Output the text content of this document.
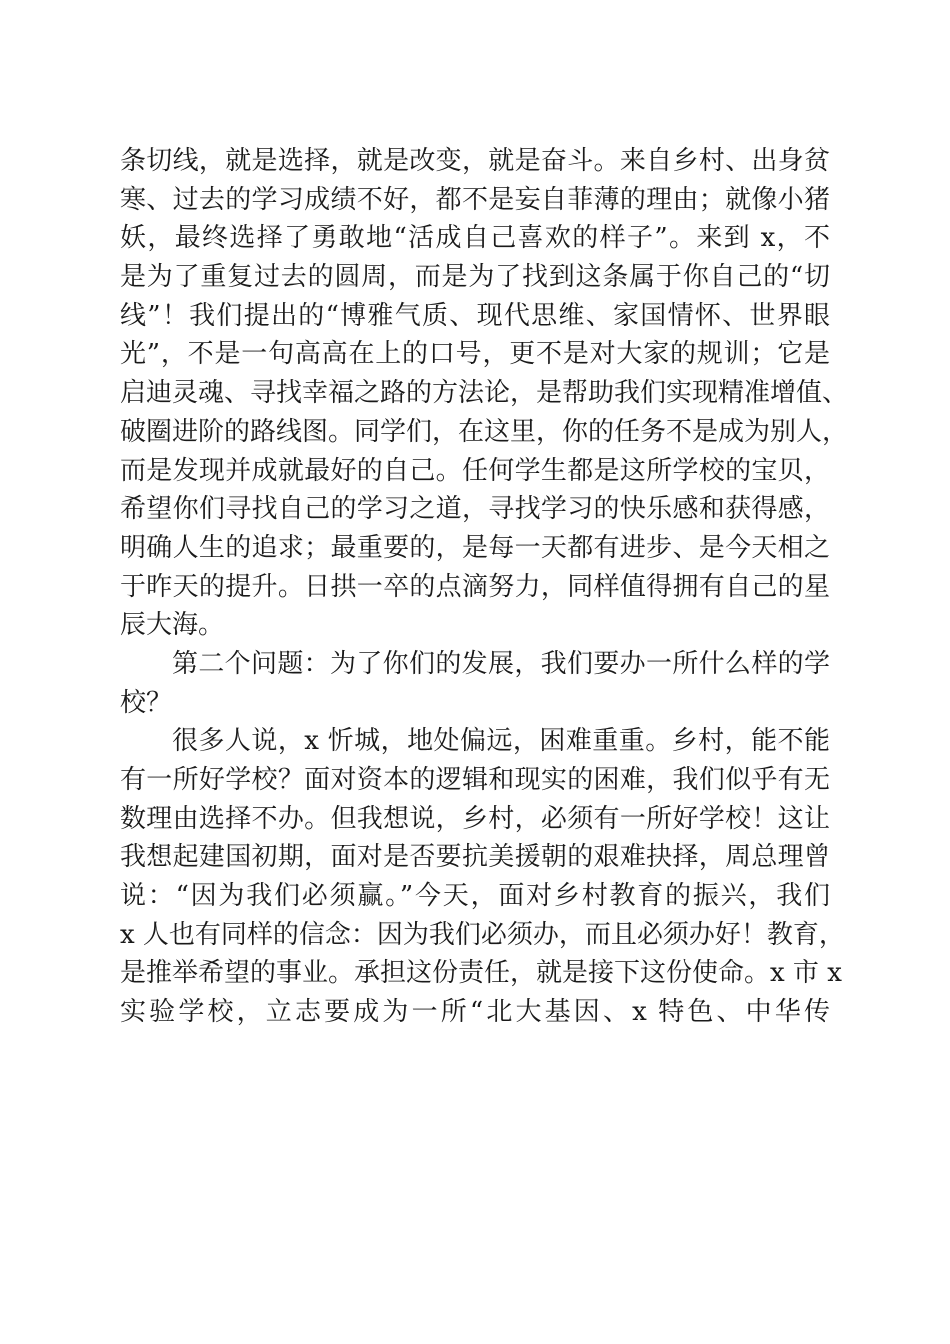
条切线，就是选择，就是改变，就是奋斗。来自乡村、出身贫
寒、过去的学习成绩不好，都不是妄自菲薄的理由；就像小猪
妖，最终选择了勇敢地“活成自己喜欢的样子”。来到 x，不
是为了重复过去的圆周，而是为了找到这条属于你自己的“切
线”！我们提出的“博雅气质、现代思维、家国情怀、世界眼
光”，不是一句高高在上的口号，更不是对大家的规训；它是
启迪灵魂、寻找幸福之路的方法论，是帮助我们实现精准增值、
破圈进阶的路线图。同学们，在这里，你的任务不是成为别人，
而是发现并成就最好的自己。任何学生都是这所学校的宝贝，
希望你们寻找自己的学习之道，寻找学习的快乐感和获得感，
明确人生的追求；最重要的，是每一天都有进步、是今天相之
于昨天的提升。日拱一卒的点滴努力，同样值得拥有自己的星
辰大海。
第二个问题：为了你们的发展，我们要办一所什么样的学
校？
很多人说，x 忻城，地处偏远，困难重重。乡村，能不能
有一所好学校？面对资本的逻辑和现实的困难，我们似乎有无
数理由选择不办。但我想说，乡村，必须有一所好学校！这让
我想起建国初期，面对是否要抗美援朝的艰难抉择，周总理曾
说：“因为我们必须赢。”今天，面对乡村教育的振兴，我们
x 人也有同样的信念：因为我们必须办，而且必须办好！教育，
是推举希望的事业。承担这份责任，就是接下这份使命。x 市 x
实验学校，立志要成为一所“北大基因、x 特色、中华传
